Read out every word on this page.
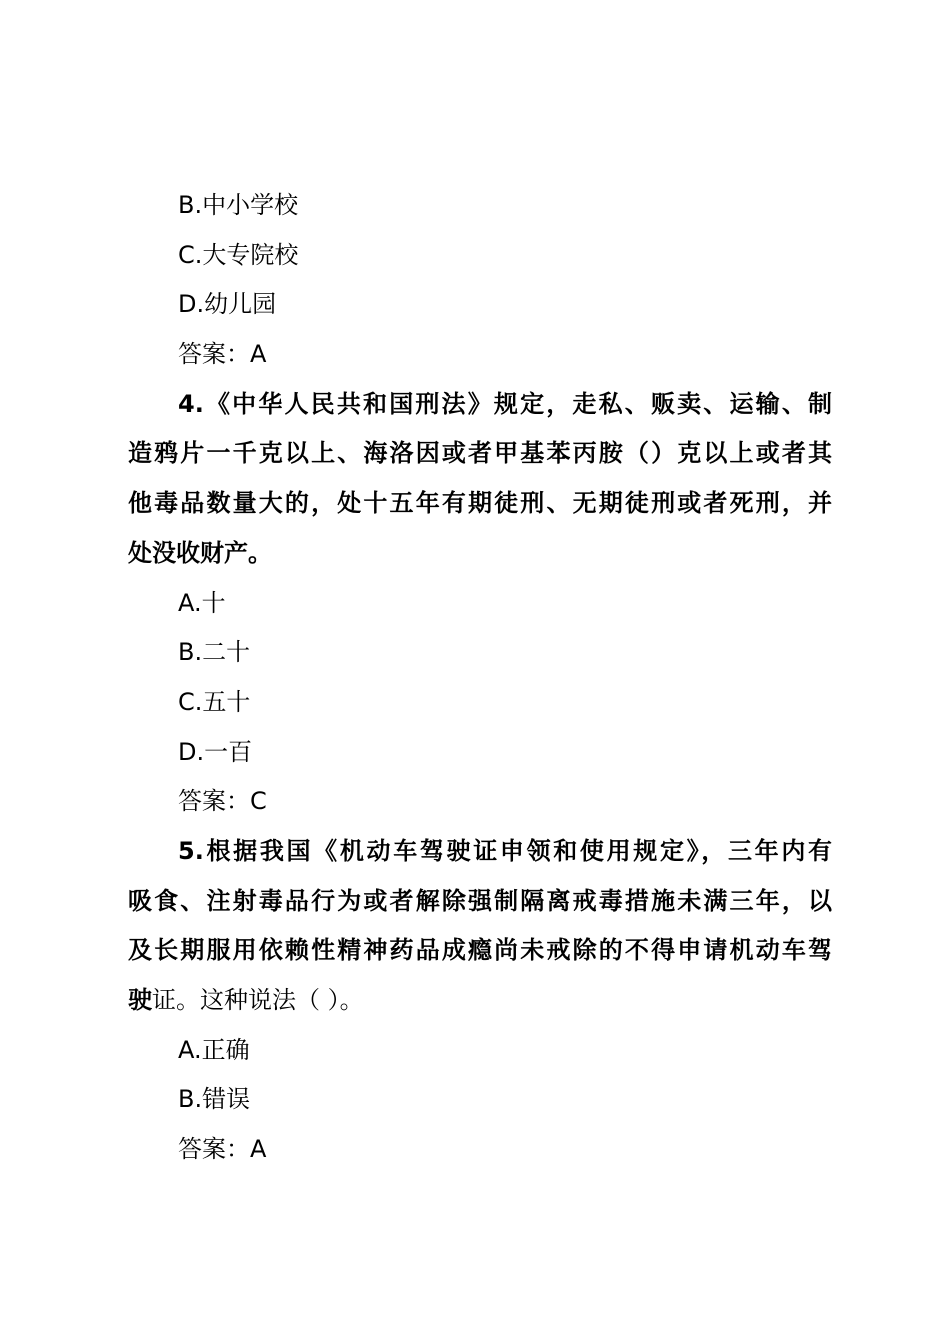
B.中小学校
C.大专院校
D.幼儿园
答案：A
4.《中华人民共和国刑法》规定，走私、贩卖、运输、制
造鸦片一千克以上、海洛因或者甲基苯丙胺（）克以上或者其
他毒品数量大的，处十五年有期徒刑、无期徒刑或者死刑，并
处没收财产。
A.十
B.二十
C.五十
D.一百
答案：C
5.根据我国《机动车驾驶证申领和使用规定》，三年内有
吸食、注射毒品行为或者解除强制隔离戒毒措施未满三年，以
及长期服用依赖性精神药品成瘾尚未戒除的不得申请机动车驾
驶证。这种说法（ ）。
A.正确
B.错误
答案：A
